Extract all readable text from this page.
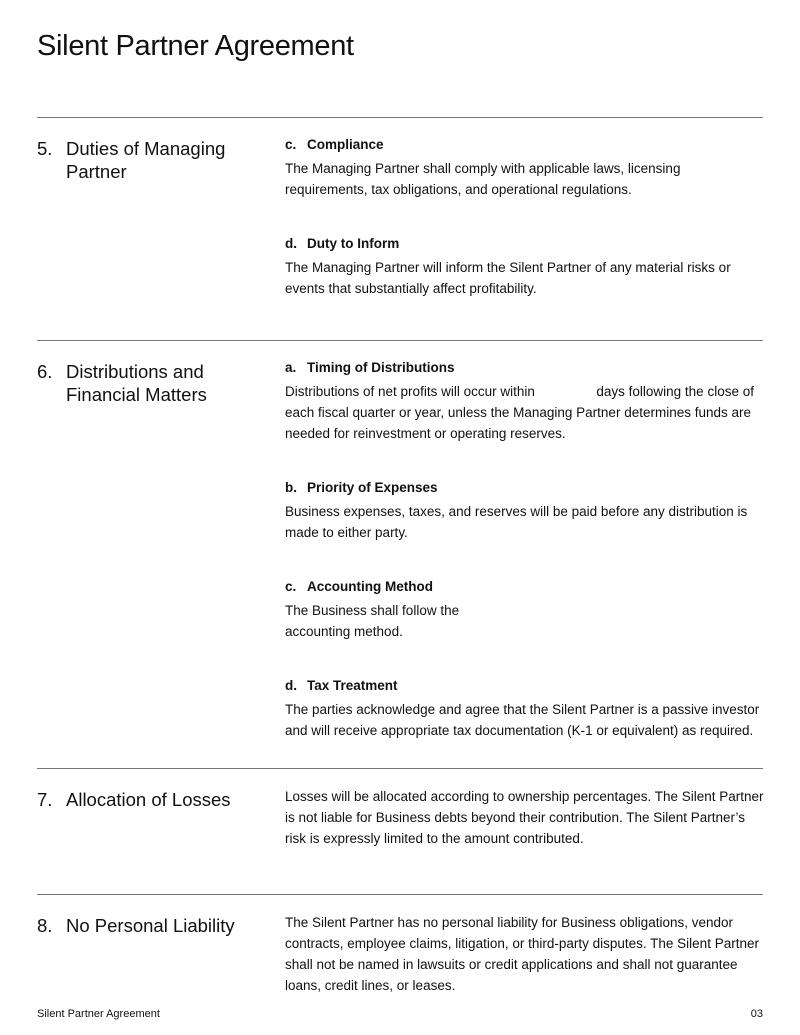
Silent Partner Agreement
5. Duties of Managing Partner
c. Compliance

The Managing Partner shall comply with applicable laws, licensing requirements, tax obligations, and operational regulations.

d. Duty to Inform

The Managing Partner will inform the Silent Partner of any material risks or events that substantially affect profitability.

6. Distributions and Financial Matters
a. Timing of Distributions

Distributions of net profits will occur within	days following the close of each fiscal quarter or year, unless the Managing Partner determines funds are needed for reinvestment or operating reserves.

b. Priority of Expenses

Business expenses, taxes, and reserves will be paid before any distribution is made to either party.

c. Accounting Method

The Business shall follow the
accounting method.

d. Tax Treatment

The parties acknowledge and agree that the Silent Partner is a passive investor and will receive appropriate tax documentation (K-1 or equivalent) as required.

7. Allocation of Losses	Losses will be allocated according to ownership percentages. The Silent Partner is not liable for Business debts beyond their contribution. The Silent Partner’s risk is expressly limited to the amount contributed.

8. No Personal Liability	The Silent Partner has no personal liability for Business obligations, vendor contracts, employee claims, litigation, or third-party disputes. The Silent Partner shall not be named in lawsuits or credit applications and shall not guarantee loans, credit lines, or leases.

Silent Partner Agreement	03
